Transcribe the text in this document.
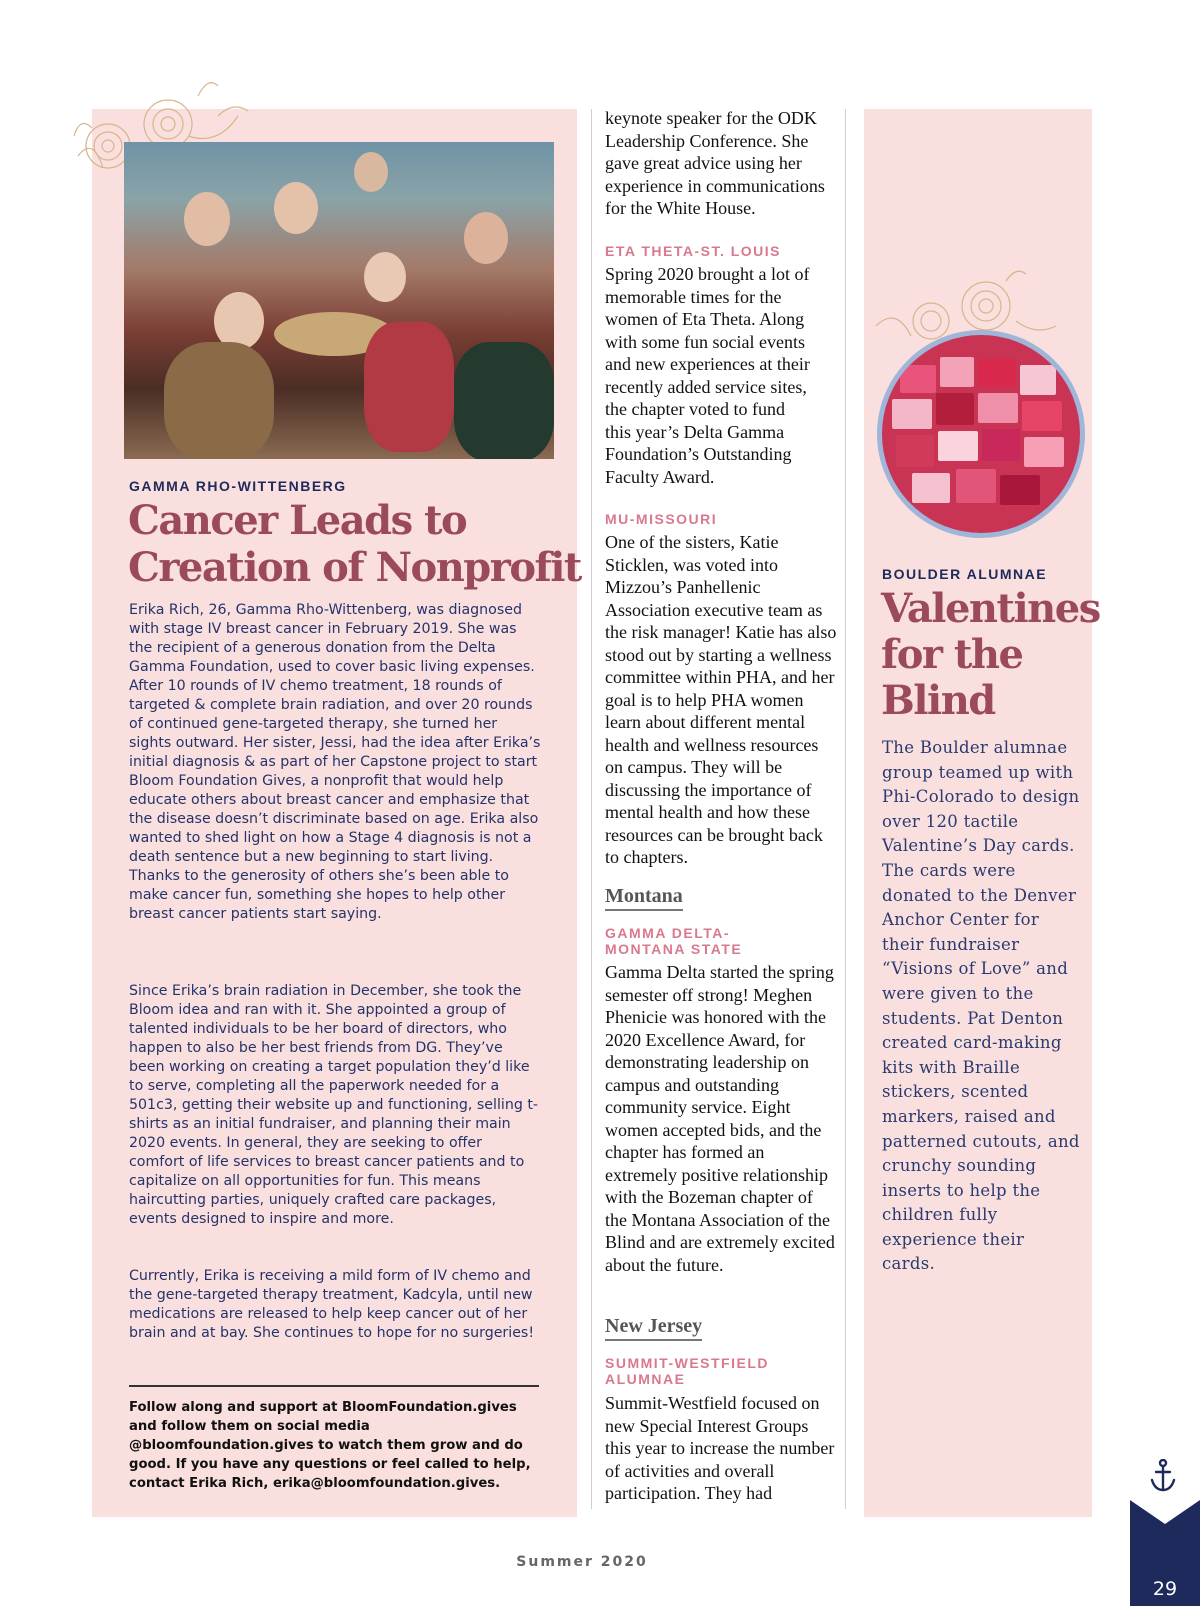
GAMMA RHO-WITTENBERG
Cancer Leads to
Creation of Nonprofit

Erika Rich, 26, Gamma Rho-Wittenberg, was diagnosed with stage IV breast cancer in February 2019. She was the recipient of a generous donation from the Delta Gamma Foundation, used to cover basic living expenses. After 10 rounds of IV chemo treatment, 18 rounds of targeted & complete brain radiation, and over 20 rounds of continued gene-targeted therapy, she turned her sights outward. Her sister, Jessi, had the idea after Erika’s initial diagnosis & as part of her Capstone project to start Bloom Foundation Gives, a nonprofit that would help educate others about breast cancer and emphasize that the disease doesn’t discriminate based on age. Erika also wanted to shed light on how a Stage 4 diagnosis is not a death sentence but a new beginning to start living. Thanks to the generosity of others she’s been able to make cancer fun, something she hopes to help other breast cancer patients start saying.

Since Erika’s brain radiation in December, she took the Bloom idea and ran with it. She appointed a group of talented individuals to be her board of directors, who happen to also be her best friends from DG. They’ve been working on creating a target population they’d like to serve, completing all the paperwork needed for a 501c3, getting their website up and functioning, selling t-shirts as an initial fundraiser, and planning their main 2020 events. In general, they are seeking to offer comfort of life services to breast cancer patients and to capitalize on all opportunities for fun. This means haircutting parties, uniquely crafted care packages, events designed to inspire and more.

Currently, Erika is receiving a mild form of IV chemo and the gene-targeted therapy treatment, Kadcyla, until new medications are released to help keep cancer out of her brain and at bay. She continues to hope for no surgeries!

Follow along and support at BloomFoundation.gives and follow them on social media @bloomfoundation.gives to watch them grow and do good. If you have any questions or feel called to help, contact Erika Rich, erika@bloomfoundation.gives.

keynote speaker for the ODK Leadership Conference. She gave great advice using her experience in communications for the White House.

ETA THETA-ST. LOUIS

Spring 2020 brought a lot of memorable times for the women of Eta Theta. Along with some fun social events and new experiences at their recently added service sites, the chapter voted to fund this year’s Delta Gamma Foundation’s Outstanding Faculty Award.

MU-MISSOURI

One of the sisters, Katie Sticklen, was voted into Mizzou’s Panhellenic Association executive team as the risk manager! Katie has also stood out by starting a wellness committee within PHA, and her goal is to help PHA women learn about different mental health and wellness resources on campus. They will be discussing the importance of mental health and how these resources can be brought back to chapters.

Montana
GAMMA DELTA-
MONTANA STATE

Gamma Delta started the spring semester off strong! Meghen Phenicie was honored with the 2020 Excellence Award, for demonstrating leadership on campus and outstanding community service. Eight women accepted bids, and the chapter has formed an extremely positive relationship with the Bozeman chapter of the Montana Association of the Blind and are extremely excited about the future.

New Jersey
SUMMIT-WESTFIELD
ALUMNAE

Summit-Westfield focused on new Special Interest Groups this year to increase the number of activities and overall participation. They had

BOULDER ALUMNAE
Valentines
for the
Blind

The Boulder alumnae group teamed up with Phi-Colorado to design over 120 tactile Valentine’s Day cards. The cards were donated to the Denver Anchor Center for their fundraiser “Visions of Love” and were given to the students. Pat Denton created card-making kits with Braille stickers, scented markers, raised and patterned cutouts, and crunchy sounding inserts to help the children fully experience their cards.

Summer 2020
29
